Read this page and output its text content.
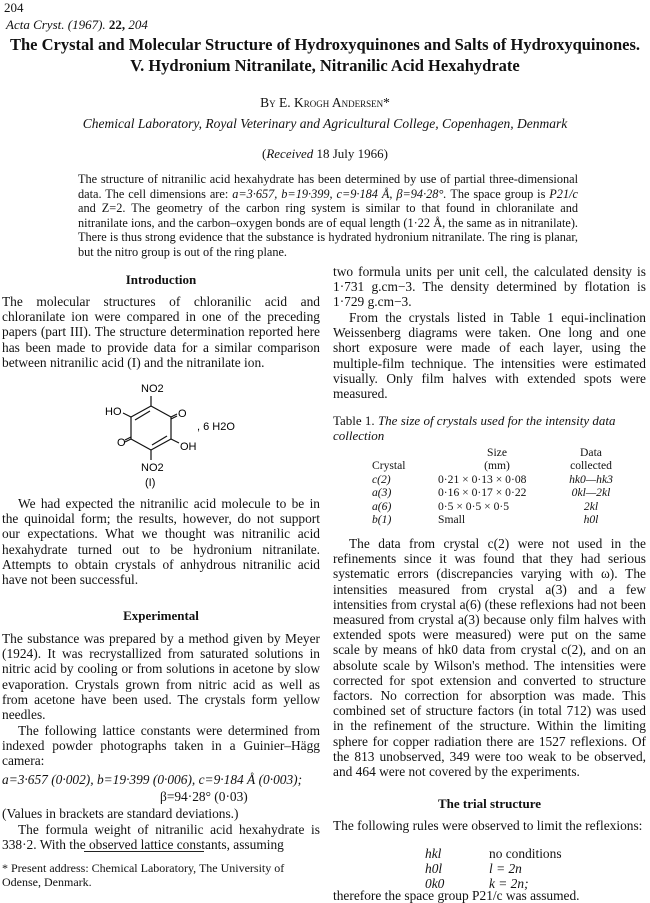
204
Acta Cryst. (1967). 22, 204
The Crystal and Molecular Structure of Hydroxyquinones and Salts of Hydroxyquinones.
V. Hydronium Nitranilate, Nitranilic Acid Hexahydrate
By E. Krogh Andersen*
Chemical Laboratory, Royal Veterinary and Agricultural College, Copenhagen, Denmark
(Received 18 July 1966)
The structure of nitranilic acid hexahydrate has been determined by use of partial three-dimensional data. The cell dimensions are: a=3·657, b=19·399, c=9·184 Å, β=94·28°. The space group is P21/c and Z=2. The geometry of the carbon ring system is similar to that found in chloranilate and nitranilate ions, and the carbon–oxygen bonds are of equal length (1·22 Å, the same as in nitranilate). There is thus strong evidence that the substance is hydrated hydronium nitranilate. The ring is planar, but the nitro group is out of the ring plane.
Introduction
The molecular structures of chloranilic acid and chloranilate ion were compared in one of the preceding papers (part III). The structure determination reported here has been made to provide data for a similar comparison between nitranilic acid (I) and the nitranilate ion.
NO2
NO2
HO
OH
O
O
, 6 H2O
(I)
We had expected the nitranilic acid molecule to be in the quinoidal form; the results, however, do not support our expectations. What we thought was nitranilic acid hexahydrate turned out to be hydronium nitranilate. Attempts to obtain crystals of anhydrous nitranilic acid have not been successful.
Experimental
The substance was prepared by a method given by Meyer (1924). It was recrystallized from saturated solutions in nitric acid by cooling or from solutions in acetone by slow evaporation. Crystals grown from nitric acid as well as from acetone have been used. The crystals form yellow needles.
The following lattice constants were determined from indexed powder photographs taken in a Guinier–Hägg camera:
a=3·657 (0·002), b=19·399 (0·006), c=9·184 Å (0·003);
β=94·28° (0·03)
(Values in brackets are standard deviations.)
The formula weight of nitranilic acid hexahydrate is 338·2. With the observed lattice constants, assuming
* Present address: Chemical Laboratory, The University of Odense, Denmark.
two formula units per unit cell, the calculated density is 1·731 g.cm−3. The density determined by flotation is 1·729 g.cm−3.
From the crystals listed in Table 1 equi-inclination Weissenberg diagrams were taken. One long and one short exposure were made of each layer, using the multiple-film technique. The intensities were estimated visually. Only film halves with extended spots were measured.
Table 1. The size of crystals used for the intensity data collection
	Size	Data
Crystal	(mm)	collected
c(2)	0·21 × 0·13 × 0·08	hk0—hk3
a(3)	0·16 × 0·17 × 0·22	0kl—2kl
a(6)	0·5 × 0·5 × 0·5	2kl
b(1)	Small	h0l
The data from crystal c(2) were not used in the refinements since it was found that they had serious systematic errors (discrepancies varying with ω). The intensities measured from crystal a(3) and a few intensities from crystal a(6) (these reflexions had not been measured from crystal a(3) because only film halves with extended spots were measured) were put on the same scale by means of hk0 data from crystal c(2), and on an absolute scale by Wilson's method. The intensities were corrected for spot extension and converted to structure factors. No correction for absorption was made. This combined set of structure factors (in total 712) was used in the refinement of the structure. Within the limiting sphere for copper radiation there are 1527 reflexions. Of the 813 unobserved, 349 were too weak to be observed, and 464 were not covered by the experiments.
The trial structure
The following rules were observed to limit the reflexions:
hkl	no conditions
h0l	l = 2n
0k0	k = 2n;
therefore the space group P21/c was assumed.
